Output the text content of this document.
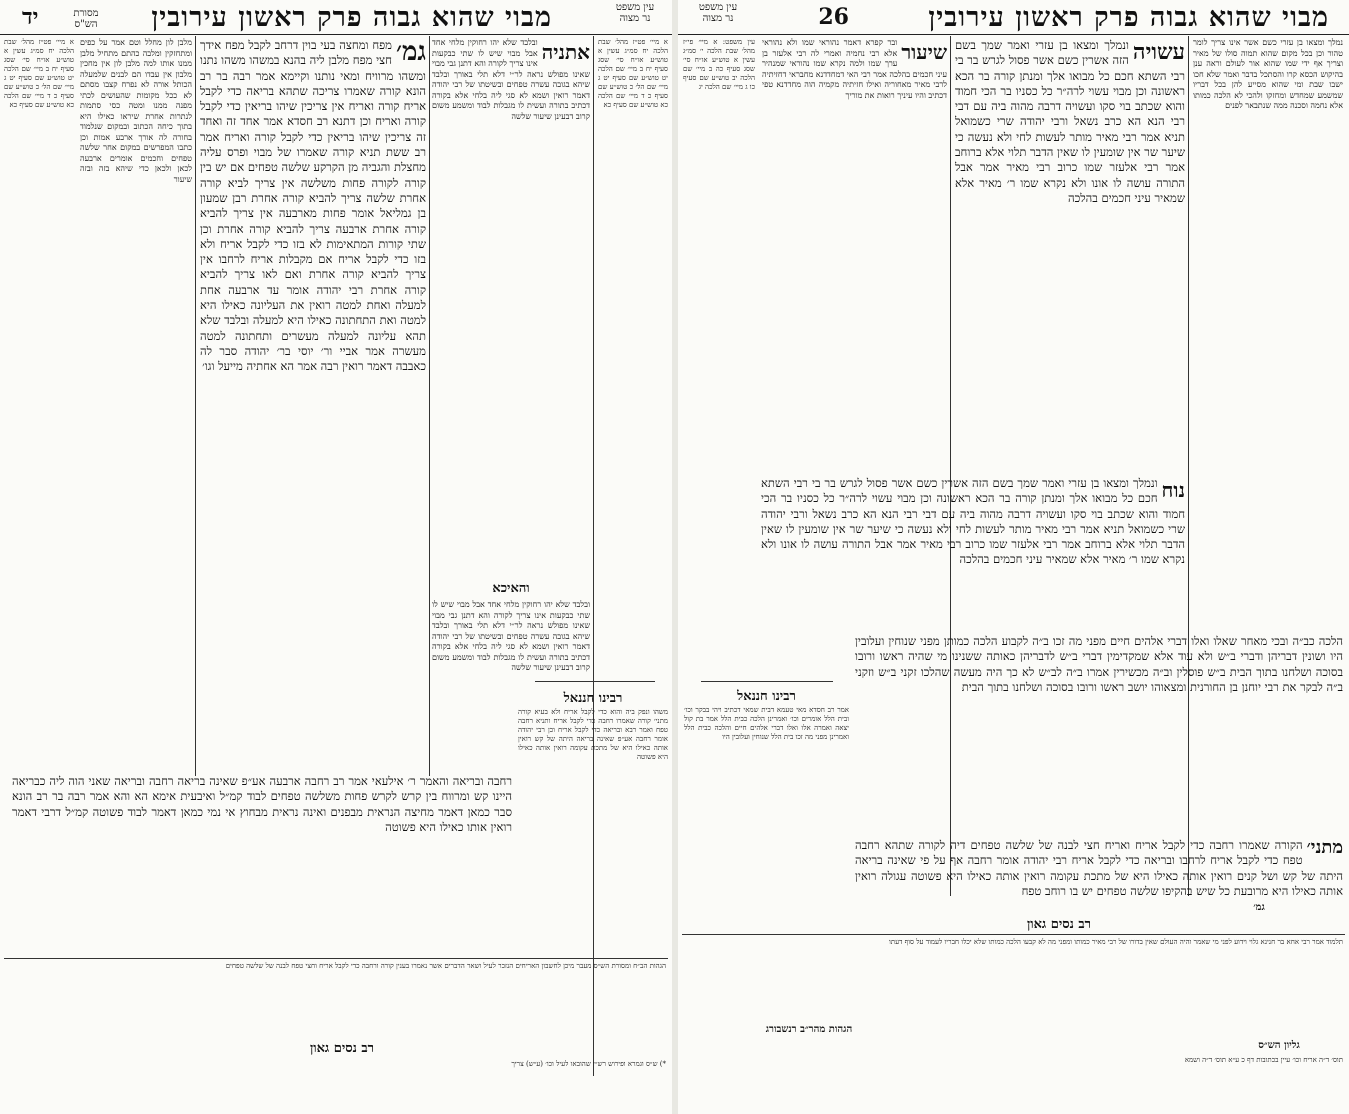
עין משפט
נר מצוה
מבוי שהוא גבוה פרק ראשון עירובין
יד	מסורת
הש"ס
א מיי׳ פט״ז מהל׳ שבת הלכה יח סמ״ג עשין א טוש״ע או״ח סי׳ שסג סעיף יח ב מיי׳ שם הלכה יט טוש״ע שם סעיף יט ג מיי׳ שם הל׳ כ טוש״ע שם סעיף כ ד מיי׳ שם הלכה כא טוש״ע שם סעיף כא
אתניה
ובלבד שלא יהו רחוקין מלחי אחד אבל מבוי שיש לו שתי כבקעות אינו צריך לקורה והא דתנן גבי מבוי שאינו מפולש נראה לר״י דלא תלי באורך ובלבד שיהא בגובה עשרה טפחים ובשיטתו של רבי יהודה דאמר רואין ושמא לא סגי ליה בלחי אלא בקורה דכתיב בתורה ועשית לו מגבלות לבוד ומשמע משום קרוב דבעינן שיעור שלשה
והאיכא
ובלבד שלא יהו רחוקין מלחי אחד אבל מבוי שיש לו שתי כבקעות אינו צריך לקורה והא דתנן גבי מבוי שאינו מפולש נראה לר״י דלא תלי באורך ובלבד שיהא בגובה עשרה טפחים ובשיטתו של רבי יהודה דאמר רואין ושמא לא סגי ליה בלחי אלא בקורה דכתיב בתורה ועשית לו מגבלות לבוד ומשמע משום קרוב דבעינן שיעור שלשה
רבינו חננאל
משהו ונפק ביה והוא כדי לקבל אריח ולא בעיא קורה מתני׳ קורה שאמרו רחבה כדי לקבל אריח ותניא רחבה טפח ואמר רבא ובריאה כדי לקבל אריח וכן רבי יהודה אומר רחבה אע״פ שאינה בריאה היתה של קש רואין אותה כאילו היא של מתכת עקומה רואין אותה כאילו היא פשוטה
גמ׳
מפח ומחצה בעי בוין דרחב לקבל מפח אידך חצי מפח מלבן ליה בהנא במשהו משהו נתנו ומשהו מרוויח ומאי נותנו וקיימא אמר רבה בר רב הונא קורה שאמרו צריכה שתהא בריאה כדי לקבל אריח קורה ואריח אין צריכין שיהו בריאין כדי לקבל קורה ואריח וכן דתנא רב חסדא אמר אחד זה ואחד זה צריכין שיהו בריאין כדי לקבל קורה ואריח אמר רב ששת תניא קורה שאמרו של מבוי ופרס עליה מחצלת והגביה מן הקרקע שלשה טפחים אם יש בין קורה לקורה פחות משלשה אין צריך לביא קורה אחרת שלשה צריך להביא קורה אחרת רבן שמעון בן גמליאל אומר פחות מארבעה אין צריך להביא קורה אחרת ארבעה צריך להביא קורה אחרת וכן שתי קורות המתאימות לא בזו כדי לקבל אריח ולא בזו כדי לקבל אריח אם מקבלות אריח לרחבו אין צריך להביא קורה אחרת ואם לאו צריך להביא קורה אחרת רבי יהודה אומר עד ארבעה אחת למעלה ואחת למטה רואין את העליונה כאילו היא למטה ואת התחתונה כאילו היא למעלה ובלבד שלא תהא עליונה למעלה מעשרים ותחתונה למטה מעשרה אמר אביי ור׳ יוסי בר׳ יהודה סבר לה כאבבה דאמר רואין רבה אמר הא אחתיה מייעל וגו׳
מלבן לון מחלל וטם אמר על כפים ומתחזקין ומלבה כהתם מתחיל מלבן ממנו אותו למה מלבן לון אין מחכין מלבון אין עבדו הם לבנים שלמעלה הכותל אורה לא נפרח קצבו מסתם לא ככל מקומות שהעושים לכתי מפנה ממנו ומטה כסי סתמות לנתרות אחרת שיראו כאילו היא בתוך כיחה הכתוב ובמקום שנלמוד בחורה לה אורך ארבע אמות וכן כתבו המפרשים במקום אחר שלשה טפחים וחכמים אומרים ארבעה לכאן ולכאן כדי שיהא בזה ובזה שיעור
א מיי׳ פט״ז מהל׳ שבת הלכה יח סמ״ג עשין א טוש״ע או״ח סי׳ שסג סעיף יח ב מיי׳ שם הלכה יט טוש״ע שם סעיף יט ג מיי׳ שם הל׳ כ טוש״ע שם סעיף כ ד מיי׳ שם הלכה כא טוש״ע שם סעיף כא
רחבה ובריאה והאמר ר׳ אילעאי אמר רב רחבה ארבעה אע״פ שאינה בריאה רחבה ובריאה שאני הוה ליה כבריאה היינו קש ומרווח בין קרש לקרש פחות משלשה טפחים לבוד קמ״ל ואיבעית אימא הא והא אמר רבה בר רב הונא סבר כמאן דאמר מחיצה הנראית מבפנים ואינה נראית מבחוץ אי נמי כמאן דאמר לבוד פשוטה קמ״ל דרבי דאמר רואין אותו כאילו היא פשוטה
הגהות הב״ח ומסורת הש״ס מעבר מיכן לחשבון האריחים הנזכר לעיל ושאר הדברים אשר נאמרו בענין קורה ורחבה כדי לקבל אריח וחצי טפח לבנה של שלשה טפחים
רב נסים גאון
*) ש״ס וגמרא ופירוש רש״י שהובאו לעיל וכו׳ (ע״ש) צריך
עין משפט
נר מצוה	26	מבוי שהוא גבוה פרק ראשון עירובין
נמלך ומצאו בן עזרי כשם אשר אינו צריך לומר טהור וכן בכל מקום שהוא תמוה סולו של מאיר וצריך אף ידי שמו שהוא אור לעולם וראה ענן בהיקוש הכסא קרו והסתכל בדבר ואמר שלא חכו ישבו שבת ומי שהוא מסייע להן בכל דבריו שמשמע שמחדש ומחזקו ולהכי לא הלכה כמותו אלא נחמה וסכנה ממה שנתבאר לפנים
עשויה
ונמלך ומצאו בן עזרי ואמר שמך בשם הזה אשרין כשם אשר פסול לגרש בר בי רבי השתא חכם כל מבואו אלך ומנתן קורה בר הכא ראשונה וכן מבוי עשוי לרה״ר כל כסניו בר הכי חמוד והוא שכתב בוי סקו ועשויה דרבה מהוה ביה עם דבי רבי הנא הא כרב נשאל ורבי יהודה שרי כשמואל תניא אמר רבי מאיר מותר לעשות לחי ולא נעשה כי שיער שר אין שומעין לו שאין הדבר תלוי אלא ברוחב אמר רבי אלעזר שמו כרוב רבי מאיר אמר אבל התורה עושה לו אונו ולא נקרא שמו ר׳ מאיר אלא שמאיר עיני חכמים בהלכה
שיעור
ובר קפרא דאמר נהוראי שמו ולא נהוראי אלא רבי נחמיה ואמרי לה רבי אלעזר בן ערך שמו ולמה נקרא שמו נהוראי שמנהיר עיני חכמים בהלכה אמר רבי האי דמחדדנא מחבראי דחזיתיה לרבי מאיר מאחוריה ואילו חזיתיה מקמיה הוה מחדדנא טפי דכתיב והיו עיניך רואות את מוריך
עין משפט: א מיי׳ פי״ז מהל׳ שבת הלכה י׳ סמ״ג עשין א טוש״ע או״ח סי׳ שסג סעיף כה ב מיי׳ שם הלכה יב טוש״ע שם סעיף כו ג מיי׳ שם הלכה יג
נוח
ונמלך ומצאו בן עזרי ואמר שמך בשם הזה אשרין כשם אשר פסול לגרש בר בי רבי השתא חכם כל מבואו אלך ומנתן קורה בר הכא ראשונה וכן מבוי עשוי לרה״ר כל כסניו בר הכי חמוד והוא שכתב בוי סקו ועשויה דרבה מהוה ביה עם דבי רבי הנא הא כרב נשאל ורבי יהודה שרי כשמואל תניא אמר רבי מאיר מותר לעשות לחי ולא נעשה כי שיער שר אין שומעין לו שאין הדבר תלוי אלא ברוחב אמר רבי אלעזר שמו כרוב רבי מאיר אמר אבל התורה עושה לו אונו ולא נקרא שמו ר׳ מאיר אלא שמאיר עיני חכמים בהלכה
רבינו חננאל
אמר רב חסדא מאי טעמא דבית שמאי דכתיב ויהי בבקר וכו׳ ובית הלל אומרים וכו׳ ואמרינן הלכה כבית הלל אמר בת קול יצאה ואמרה אלו ואלו דברי אלהים חיים והלכה כבית הלל ואמרינן מפני מה זכו בית הלל שנוחין ועלובין היו
הלכה כב״ה ובכי מאחר שאלו ואלו דברי אלהים חיים מפני מה זכו ב״ה לקבוע הלכה כמותן מפני שנוחין ועלובין היו ושונין דבריהן ודברי ב״ש ולא עוד אלא שמקדימין דברי ב״ש לדבריהן כאותה ששנינו מי שהיה ראשו ורובו בסוכה ושלחנו בתוך הבית ב״ש פוסלין וב״ה מכשירין אמרו ב״ה לב״ש לא כך היה מעשה שהלכו זקני ב״ש וזקני ב״ה לבקר את רבי יוחנן בן החורנית ומצאוהו יושב ראשו ורובו בסוכה ושלחנו בתוך הבית
מתני׳
הקורה שאמרו רחבה כדי לקבל אריח ואריח חצי לבנה של שלשה טפחים דיה לקורה שתהא רחבה טפח כדי לקבל אריח לרחבו ובריאה כדי לקבל אריח רבי יהודה אומר רחבה אף על פי שאינה בריאה היתה של קש ושל קנים רואין אותה כאילו היא של מתכת עקומה רואין אותה כאילו היא פשוטה עגולה רואין אותה כאילו היא מרובעת כל שיש בהקיפו שלשה טפחים יש בו רוחב טפח
גמ׳
רב נסים גאון
תלמוד אמר רבי אחא בר חנינא גלוי וידוע לפני מי שאמר והיה העולם שאין בדורו של רבי מאיר כמותו ומפני מה לא קבעו הלכה כמותו שלא יכלו חבריו לעמוד על סוף דעתו
הגהות מהר״ב רנשבורג
גליון הש״ס
תוס׳ ד״ה אריח וכו׳ עיין בכתובות דף כ ע״א תוס׳ ד״ה ושמא
